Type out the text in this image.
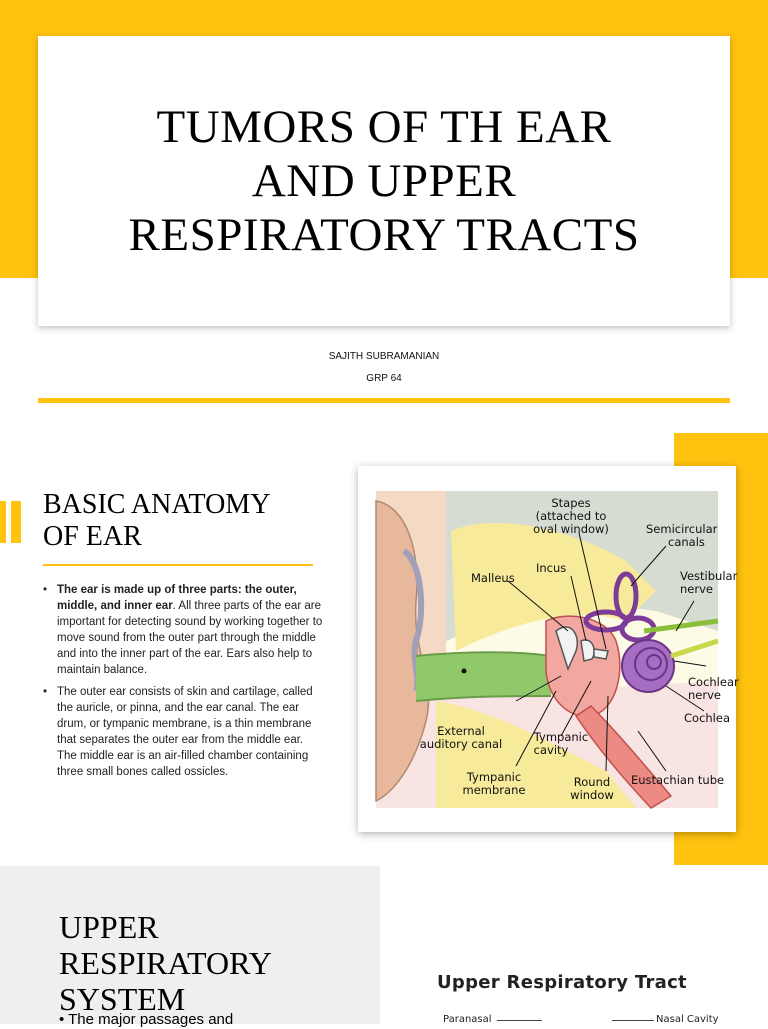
TUMORS OF TH EAR
AND UPPER
RESPIRATORY TRACTS
SAJITH SUBRAMANIAN
GRP 64
BASIC ANATOMY
OF EAR
• The ear is made up of three parts: the outer, middle, and inner ear. All three parts of the ear are important for detecting sound by working together to move sound from the outer part through the middle and into the inner part of the ear. Ears also help to maintain balance.
• The outer ear consists of skin and cartilage, called the auricle, or pinna, and the ear canal. The ear drum, or tympanic membrane, is a thin membrane that separates the outer ear from the middle ear. The middle ear is an air-filled chamber containing three small bones called ossicles.
Stapes (attached to oval window)	Semicircular canals
Incus
Malleus	Vestibular nerve
Cochlear nerve
Cochlea
External auditory canal	Tympanic cavity
Tympanic membrane
Round window
Eustachian tube
UPPER
RESPIRATORY
SYSTEM
• The major passages and
Upper Respiratory Tract
Paranasal	Nasal Cavity
